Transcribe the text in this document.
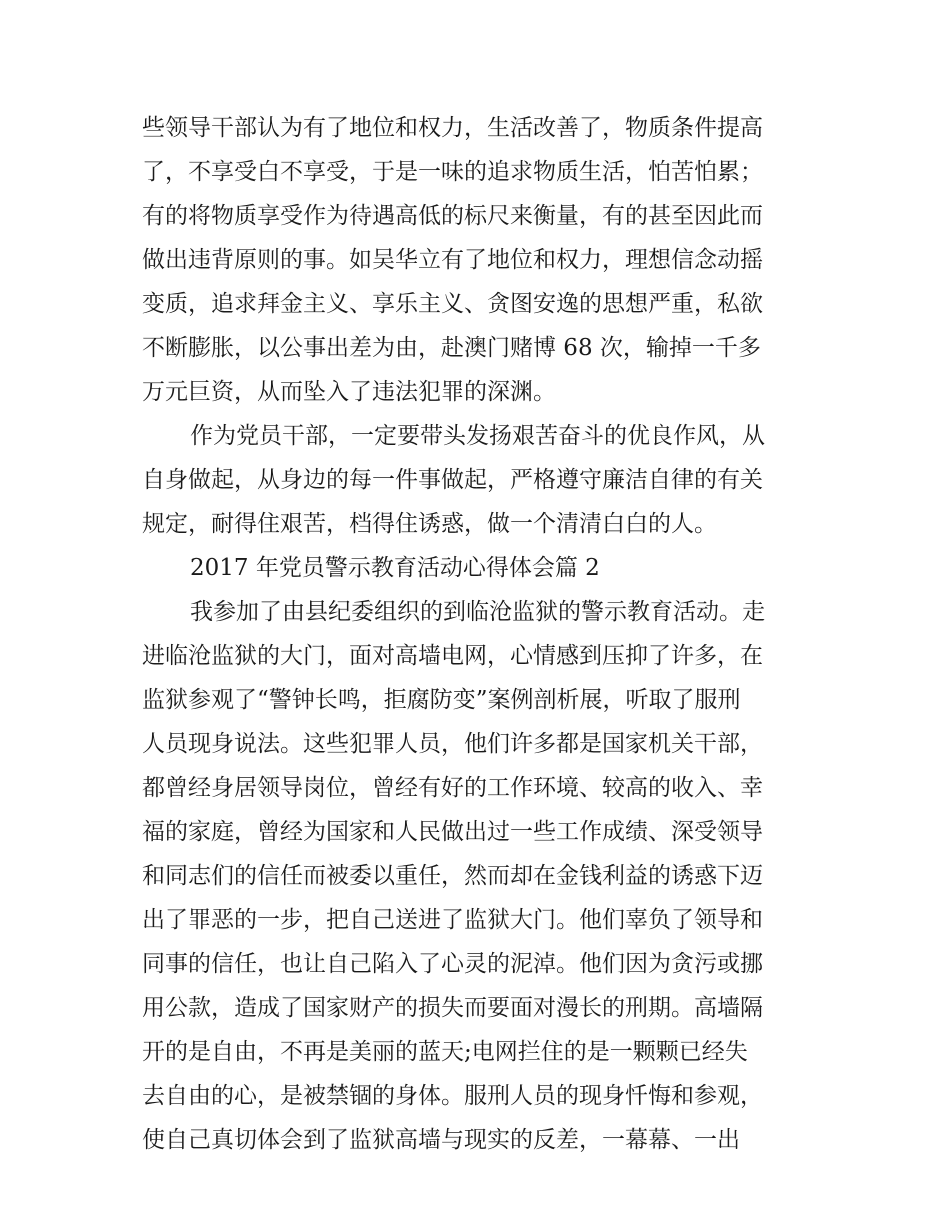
些领导干部认为有了地位和权力，生活改善了，物质条件提高
了，不享受白不享受，于是一味的追求物质生活，怕苦怕累；
有的将物质享受作为待遇高低的标尺来衡量，有的甚至因此而
做出违背原则的事。如吴华立有了地位和权力，理想信念动摇
变质，追求拜金主义、享乐主义、贪图安逸的思想严重，私欲
不断膨胀，以公事出差为由，赴澳门赌博 68 次，输掉一千多
万元巨资，从而坠入了违法犯罪的深渊。
作为党员干部，一定要带头发扬艰苦奋斗的优良作风，从
自身做起，从身边的每一件事做起，严格遵守廉洁自律的有关
规定，耐得住艰苦，档得住诱惑，做一个清清白白的人。
2017 年党员警示教育活动心得体会篇 2
我参加了由县纪委组织的到临沧监狱的警示教育活动。走
进临沧监狱的大门，面对高墙电网，心情感到压抑了许多，在
监狱参观了“警钟长鸣，拒腐防变”案例剖析展，听取了服刑
人员现身说法。这些犯罪人员，他们许多都是国家机关干部，
都曾经身居领导岗位，曾经有好的工作环境、较高的收入、幸
福的家庭，曾经为国家和人民做出过一些工作成绩、深受领导
和同志们的信任而被委以重任，然而却在金钱利益的诱惑下迈
出了罪恶的一步，把自己送进了监狱大门。他们辜负了领导和
同事的信任，也让自己陷入了心灵的泥淖。他们因为贪污或挪
用公款，造成了国家财产的损失而要面对漫长的刑期。高墙隔
开的是自由，不再是美丽的蓝天;电网拦住的是一颗颗已经失
去自由的心，是被禁锢的身体。服刑人员的现身忏悔和参观，
使自己真切体会到了监狱高墙与现实的反差，一幕幕、一出
